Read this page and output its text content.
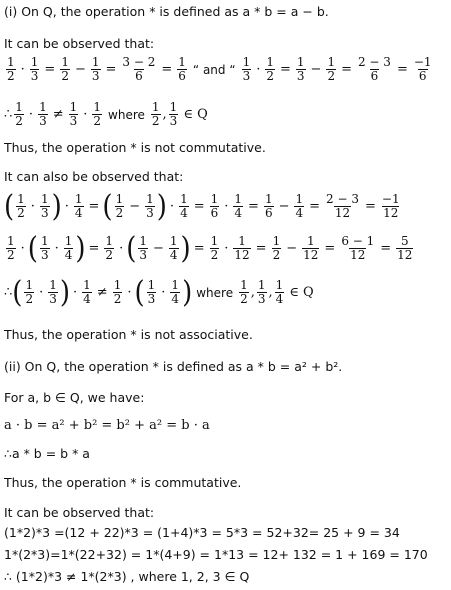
(i) On Q, the operation * is defined as a * b = a − b.
It can be observed that:
$\frac{1}{2} \cdot \frac{1}{3} = \frac{1}{2} - \frac{1}{3} = \frac{3 - 2}{6} = \frac{1}{6}$ “ and “ $\frac{1}{3} \cdot \frac{1}{2} = \frac{1}{3} - \frac{1}{2} = \frac{2 - 3}{6} = \frac{-1}{6}$
∴ $\frac{1}{2} \cdot \frac{1}{3} \ne \frac{1}{3} \cdot \frac{1}{2}$ where $\frac{1}{2}$ , $\frac{1}{3}$ ∈ Q
Thus, the operation * is not commutative.
It can also be observed that:
( $\frac{1}{2} \cdot \frac{1}{3}$ ) · $\frac{1}{4}$ = ( $\frac{1}{2} - \frac{1}{3}$ ) · $\frac{1}{4} = \frac{1}{6} \cdot \frac{1}{4} = \frac{1}{6} - \frac{1}{4} = \frac{2 - 3}{12} = \frac{-1}{12}$
$\frac{1}{2}$ · ( $\frac{1}{3} \cdot \frac{1}{4}$ ) = $\frac{1}{2}$ · ( $\frac{1}{3} - \frac{1}{4}$ ) = $\frac{1}{2} \cdot \frac{1}{12} = \frac{1}{2} - \frac{1}{12} = \frac{6 - 1}{12} = \frac{5}{12}$
∴ ( $\frac{1}{2} \cdot \frac{1}{3}$ ) · $\frac{1}{4} \ne \frac{1}{2}$ · ( $\frac{1}{3} \cdot \frac{1}{4}$ ) where $\frac{1}{2}$ , $\frac{1}{3}$ , $\frac{1}{4}$ ∈ Q
Thus, the operation * is not associative.
(ii) On Q, the operation * is defined as a * b = a² + b².
For a, b ∈ Q, we have:
a · b = a² + b² = b² + a² = b · a
∴a * b = b * a
Thus, the operation * is commutative.
It can be observed that:
(1*2)*3 =(12 + 22)*3 = (1+4)*3 = 5*3 = 52+32= 25 + 9 = 34
1*(2*3)=1*(22+32) = 1*(4+9) = 1*13 = 12+ 132 = 1 + 169 = 170
∴ (1*2)*3 ≠ 1*(2*3) , where 1, 2, 3 ∈ Q
